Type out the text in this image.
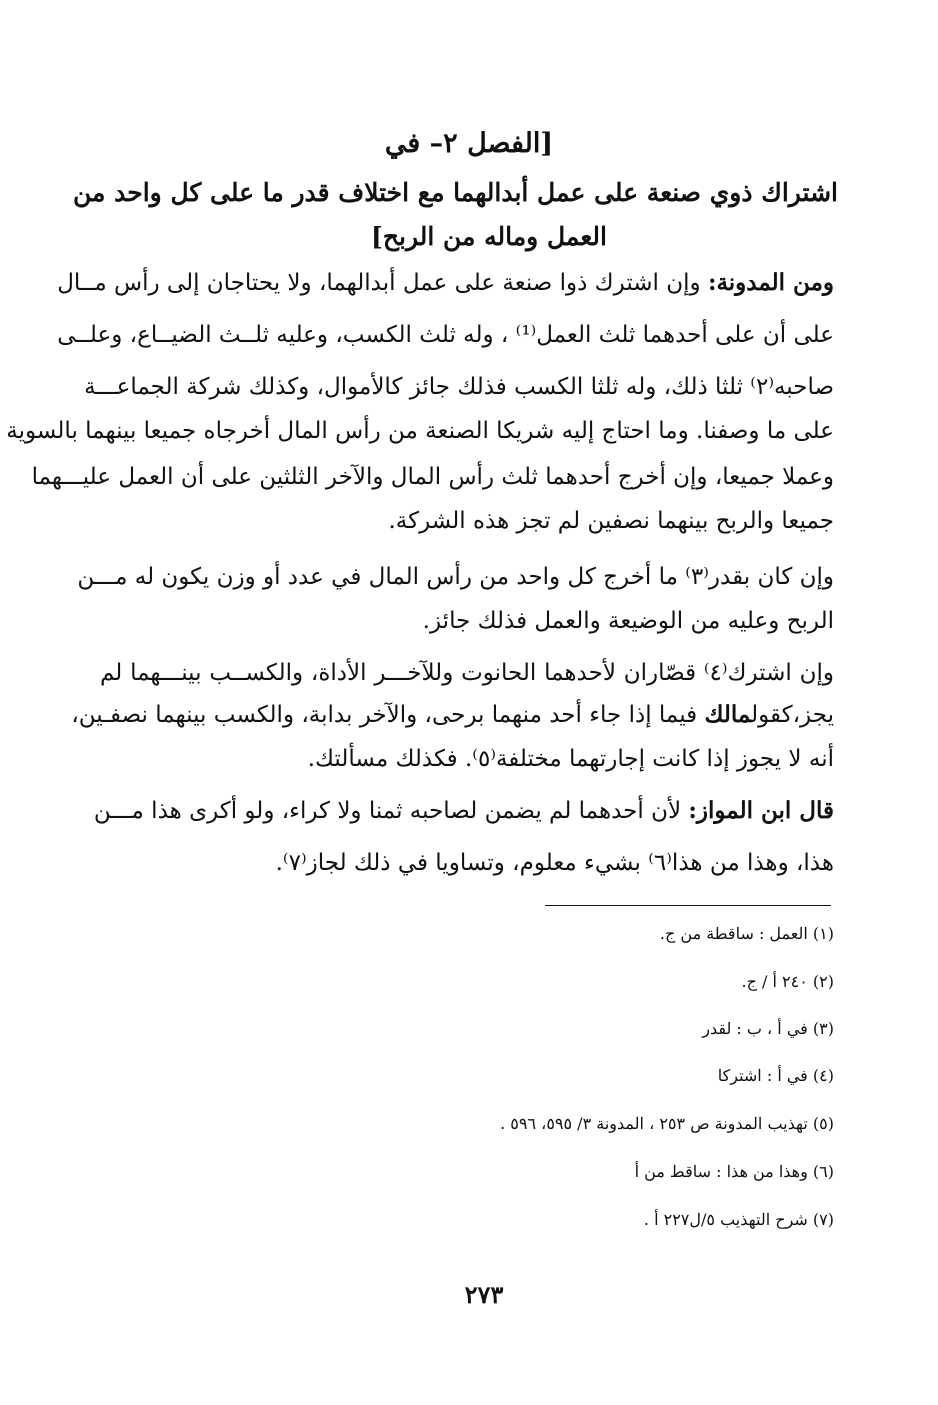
[الفصل ٢– في
اشتراك ذوي صنعة على عمل أبدالهما مع اختلاف قدر ما على كل واحد من
العمل وماله من الربح]
ومن المدونة: وإن اشترك ذوا صنعة على عمل أبدالهما، ولا يحتاجان إلى رأس مــال
على أن على أحدهما ثلث العمل⁽¹⁾ ، وله ثلث الكسب، وعليه ثلــث الضيــاع، وعلــى
صاحبه⁽٢⁾ ثلثا ذلك، وله ثلثا الكسب فذلك جائز كالأموال، وكذلك شركة الجماعـــة
على ما وصفنا. وما احتاج إليه شريكا الصنعة من رأس المال أخرجاه جميعا بينهما بالسوية
وعملا جميعا، وإن أخرج أحدهما ثلث رأس المال والآخر الثلثين على أن العمل عليـــهما
جميعا والربح بينهما نصفين لم تجز هذه الشركة.
وإن كان بقدر⁽٣⁾ ما أخرج كل واحد من رأس المال في عدد أو وزن يكون له مـــن
الربح وعليه من الوضيعة والعمل فذلك جائز.
وإن اشترك⁽٤⁾ قصّاران لأحدهما الحانوت وللآخـــر الأداة، والكســب بينـــهما لم
يجز،كقولمالك فيما إذا جاء أحد منهما برحى، والآخر بدابة، والكسب بينهما نصفـين،
أنه لا يجوز إذا كانت إجارتهما مختلفة⁽٥⁾. فكذلك مسألتك.
قال ابن المواز: لأن أحدهما لم يضمن لصاحبه ثمنا ولا كراء، ولو أكرى هذا مـــن
هذا، وهذا من هذا⁽٦⁾ بشيء معلوم، وتساويا في ذلك لجاز⁽٧⁾.
(١) العمل : ساقطة من ج.
(٢) ٢٤٠ أ / ج.
(٣) في أ ، ب : لقدر
(٤) في أ : اشتركا
(٥) تهذيب المدونة ص ٢٥٣ ، المدونة ٣/ ٥٩٥، ٥٩٦ .
(٦) وهذا من هذا : ساقط من أ
(٧) شرح التهذيب ٥/ل٢٢٧ أ .
٢٧٣
